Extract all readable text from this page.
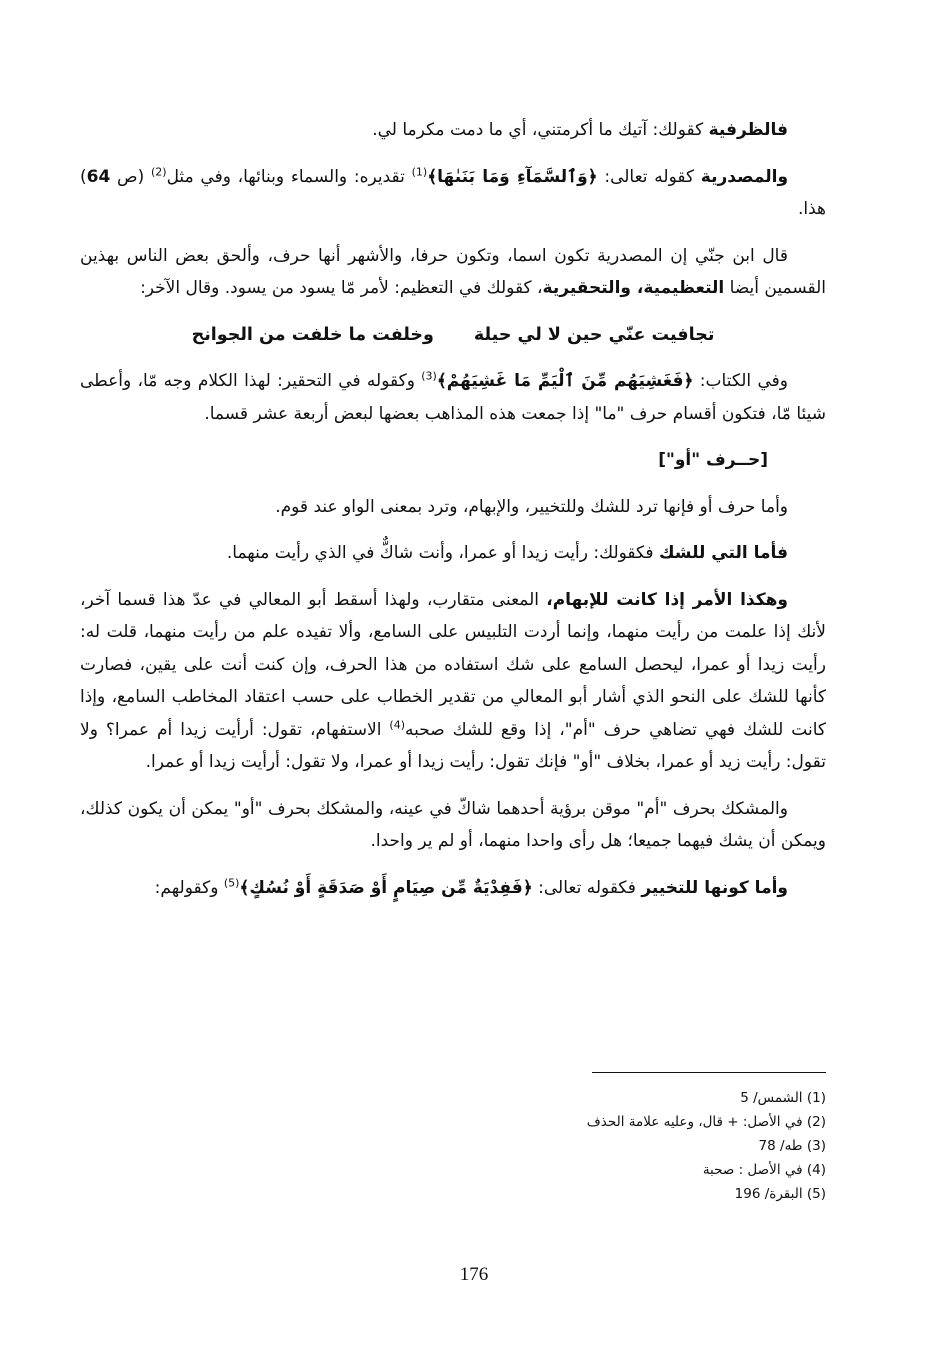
فالظرفية كقولك: آتيك ما أكرمتني، أي ما دمت مكرما لي.

والمصدرية كقوله تعالى: ﴿وَٱلسَّمَآءِ وَمَا بَنَىٰهَا﴾$^{(1)}$ تقديره: والسماء وبنائها، وفي مثل$^{(2)}$ (ص 64) هذا.

قال ابن جنّي إن المصدرية تكون اسما، وتكون حرفا، والأشهر أنها حرف، وألحق بعض الناس بهذين القسمين أيضا التعظيمية، والتحقيرية، كقولك في التعظيم: لأمر مّا يسود من يسود. وقال الآخر:

تجافيت عنّي حين لا لي حيلةوخلفت ما خلفت من الجوانح

وفي الكتاب: ﴿فَغَشِيَهُم مِّنَ ٱلْيَمِّ مَا غَشِيَهُمْ﴾$^{(3)}$ وكقوله في التحقير: لهذا الكلام وجه مّا، وأعطى شيئا مّا، فتكون أقسام حرف "ما" إذا جمعت هذه المذاهب بعضها لبعض أربعة عشر قسما.

[حــرف "أو"]

وأما حرف أو فإنها ترد للشك وللتخيير، والإبهام، وترد بمعنى الواو عند قوم.

فأما التي للشك فكقولك: رأيت زيدا أو عمرا، وأنت شاكٌّ في الذي رأيت منهما.

وهكذا الأمر إذا كانت للإبهام، المعنى متقارب، ولهذا أسقط أبو المعالي في عدّ هذا قسما آخر، لأنك إذا علمت من رأيت منهما، وإنما أردت التلبيس على السامع، وألا تفيده علم من رأيت منهما، قلت له: رأيت زيدا أو عمرا، ليحصل السامع على شك استفاده من هذا الحرف، وإن كنت أنت على يقين، فصارت كأنها للشك على النحو الذي أشار أبو المعالي من تقدير الخطاب على حسب اعتقاد المخاطب السامع، وإذا كانت للشك فهي تضاهي حرف "أم"، إذا وقع للشك صحبه$^{(4)}$ الاستفهام، تقول: أرأيت زيدا أم عمرا؟ ولا تقول: رأيت زيد أو عمرا، بخلاف "أو" فإنك تقول: رأيت زيدا أو عمرا، ولا تقول: أرأيت زيدا أو عمرا.

والمشكك بحرف "أم" موقن برؤية أحدهما شاكّ في عينه، والمشكك بحرف "أو" يمكن أن يكون كذلك، ويمكن أن يشك فيهما جميعا؛ هل رأى واحدا منهما، أو لم ير واحدا.

وأما كونها للتخيير فكقوله تعالى: ﴿فَفِدْيَةٌ مِّن صِيَامٍ أَوْ صَدَقَةٍ أَوْ نُسُكٍ﴾$^{(5)}$ وكقولهم:

(1) الشمس/ 5
(2) في الأصل: + قال، وعليه علامة الحذف
(3) طه/ 78
(4) في الأصل : صحبة
(5) البقرة/ 196
176
